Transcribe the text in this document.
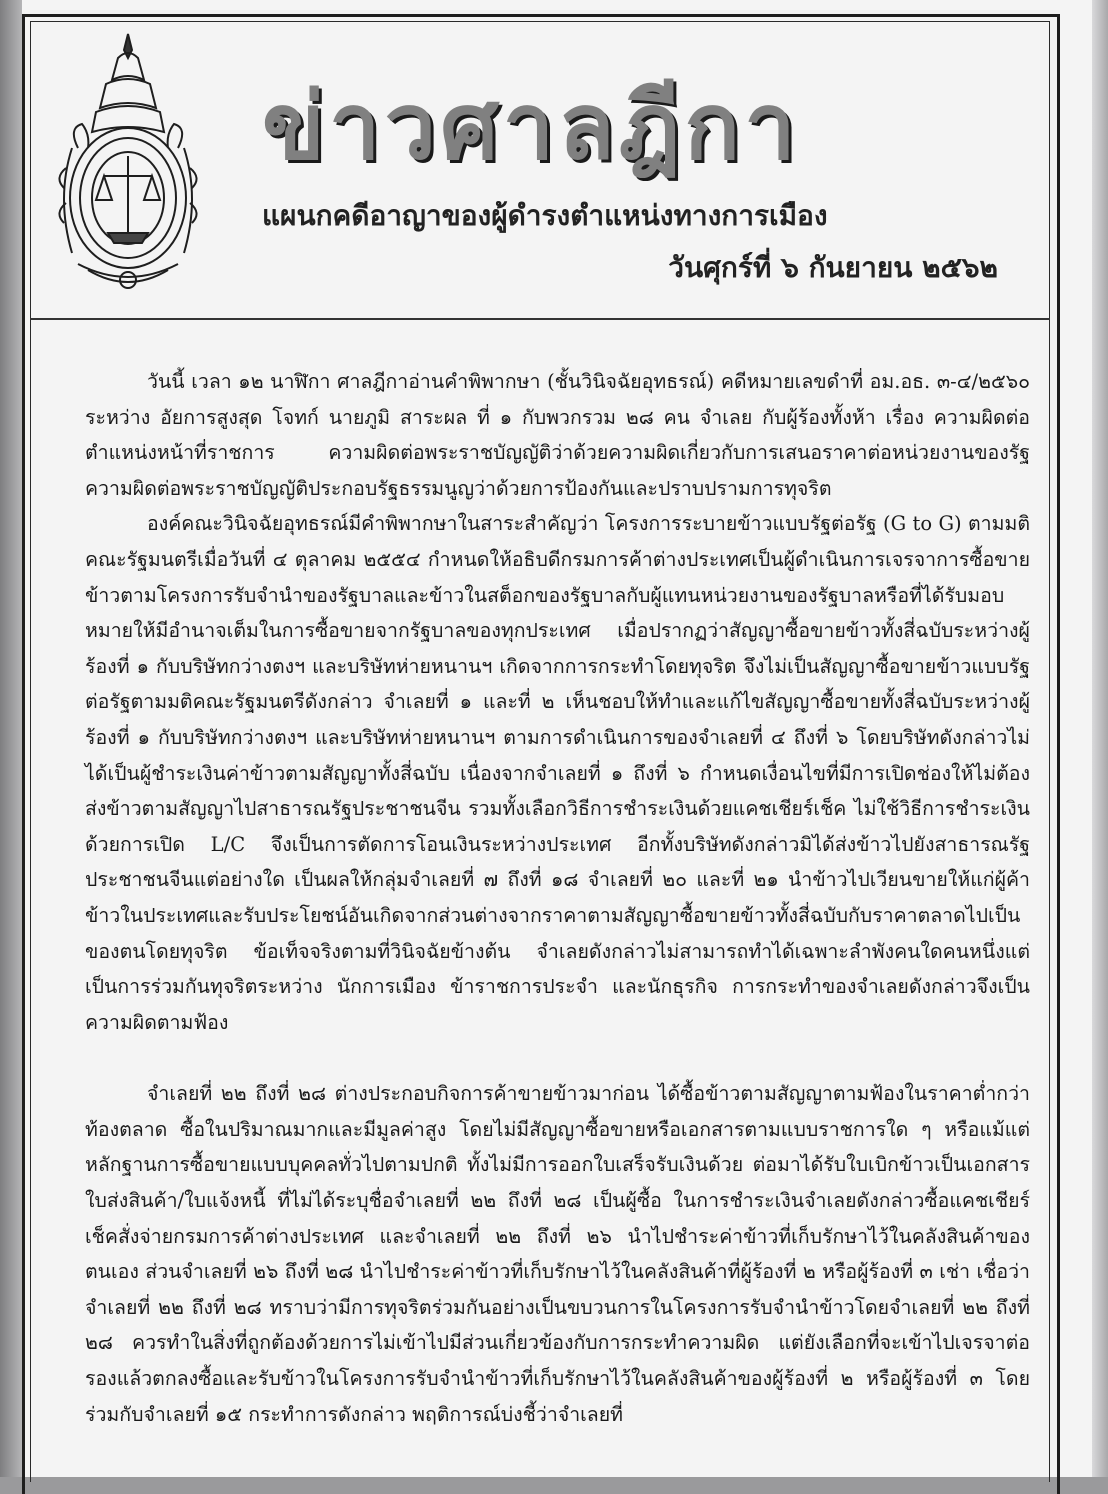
ข่าวศาลฎีกา
แผนกคดีอาญาของผู้ดำรงตำแหน่งทางการเมือง
วันศุกร์ที่ ๖ กันยายน ๒๕๖๒

วันนี้ เวลา ๑๒ นาฬิกา ศาลฎีกาอ่านคำพิพากษา (ชั้นวินิจฉัยอุทธรณ์) คดีหมายเลขดำที่ อม.อธ. ๓-๔/๒๕๖๐ ระหว่าง อัยการสูงสุด โจทก์ นายภูมิ สาระผล ที่ ๑ กับพวกรวม ๒๘ คน จำเลย กับผู้ร้องทั้งห้า เรื่อง ความผิดต่อตำแหน่งหน้าที่ราชการ ความผิดต่อพระราชบัญญัติว่าด้วยความผิดเกี่ยวกับการเสนอราคาต่อหน่วยงานของรัฐ ความผิดต่อพระราชบัญญัติประกอบรัฐธรรมนูญว่าด้วยการป้องกันและปราบปรามการทุจริต

องค์คณะวินิจฉัยอุทธรณ์มีคำพิพากษาในสาระสำคัญว่า โครงการระบายข้าวแบบรัฐต่อรัฐ (G to G) ตามมติคณะรัฐมนตรีเมื่อวันที่ ๔ ตุลาคม ๒๕๕๔ กำหนดให้อธิบดีกรมการค้าต่างประเทศเป็นผู้ดำเนินการเจรจาการซื้อขายข้าวตามโครงการรับจำนำของรัฐบาลและข้าวในสต็อกของรัฐบาลกับผู้แทนหน่วยงานของรัฐบาลหรือที่ได้รับมอบหมายให้มีอำนาจเต็มในการซื้อขายจากรัฐบาลของทุกประเทศ เมื่อปรากฏว่าสัญญาซื้อขายข้าวทั้งสี่ฉบับระหว่างผู้ร้องที่ ๑ กับบริษัทกว่างตงฯ และบริษัทห่ายหนานฯ เกิดจากการกระทำโดยทุจริต จึงไม่เป็นสัญญาซื้อขายข้าวแบบรัฐต่อรัฐตามมติคณะรัฐมนตรีดังกล่าว จำเลยที่ ๑ และที่ ๒ เห็นชอบให้ทำและแก้ไขสัญญาซื้อขายทั้งสี่ฉบับระหว่างผู้ร้องที่ ๑ กับบริษัทกว่างตงฯ และบริษัทห่ายหนานฯ ตามการดำเนินการของจำเลยที่ ๔ ถึงที่ ๖ โดยบริษัทดังกล่าวไม่ได้เป็นผู้ชำระเงินค่าข้าวตามสัญญาทั้งสี่ฉบับ เนื่องจากจำเลยที่ ๑ ถึงที่ ๖ กำหนดเงื่อนไขที่มีการเปิดช่องให้ไม่ต้องส่งข้าวตามสัญญาไปสาธารณรัฐประชาชนจีน รวมทั้งเลือกวิธีการชำระเงินด้วยแคชเชียร์เช็ค ไม่ใช้วิธีการชำระเงินด้วยการเปิด L/C จึงเป็นการตัดการโอนเงินระหว่างประเทศ อีกทั้งบริษัทดังกล่าวมิได้ส่งข้าวไปยังสาธารณรัฐประชาชนจีนแต่อย่างใด เป็นผลให้กลุ่มจำเลยที่ ๗ ถึงที่ ๑๘ จำเลยที่ ๒๐ และที่ ๒๑ นำข้าวไปเวียนขายให้แก่ผู้ค้าข้าวในประเทศและรับประโยชน์อันเกิดจากส่วนต่างจากราคาตามสัญญาซื้อขายข้าวทั้งสี่ฉบับกับราคาตลาดไปเป็นของตนโดยทุจริต ข้อเท็จจริงตามที่วินิจฉัยข้างต้น จำเลยดังกล่าวไม่สามารถทำได้เฉพาะลำพังคนใดคนหนึ่งแต่เป็นการร่วมกันทุจริตระหว่าง นักการเมือง ข้าราชการประจำ และนักธุรกิจ การกระทำของจำเลยดังกล่าวจึงเป็นความผิดตามฟ้อง

จำเลยที่ ๒๒ ถึงที่ ๒๘ ต่างประกอบกิจการค้าขายข้าวมาก่อน ได้ซื้อข้าวตามสัญญาตามฟ้องในราคาต่ำกว่าท้องตลาด ซื้อในปริมาณมากและมีมูลค่าสูง โดยไม่มีสัญญาซื้อขายหรือเอกสารตามแบบราชการใด ๆ หรือแม้แต่หลักฐานการซื้อขายแบบบุคคลทั่วไปตามปกติ ทั้งไม่มีการออกใบเสร็จรับเงินด้วย ต่อมาได้รับใบเบิกข้าวเป็นเอกสารใบส่งสินค้า/ใบแจ้งหนี้ ที่ไม่ได้ระบุชื่อจำเลยที่ ๒๒ ถึงที่ ๒๘ เป็นผู้ซื้อ ในการชำระเงินจำเลยดังกล่าวซื้อแคชเชียร์เช็คสั่งจ่ายกรมการค้าต่างประเทศ และจำเลยที่ ๒๒ ถึงที่ ๒๖ นำไปชำระค่าข้าวที่เก็บรักษาไว้ในคลังสินค้าของตนเอง ส่วนจำเลยที่ ๒๖ ถึงที่ ๒๘ นำไปชำระค่าข้าวที่เก็บรักษาไว้ในคลังสินค้าที่ผู้ร้องที่ ๒ หรือผู้ร้องที่ ๓ เช่า เชื่อว่า จำเลยที่ ๒๒ ถึงที่ ๒๘ ทราบว่ามีการทุจริตร่วมกันอย่างเป็นขบวนการในโครงการรับจำนำข้าวโดยจำเลยที่ ๒๒ ถึงที่ ๒๘ ควรทำในสิ่งที่ถูกต้องด้วยการไม่เข้าไปมีส่วนเกี่ยวข้องกับการกระทำความผิด แต่ยังเลือกที่จะเข้าไปเจรจาต่อรองแล้วตกลงซื้อและรับข้าวในโครงการรับจำนำข้าวที่เก็บรักษาไว้ในคลังสินค้าของผู้ร้องที่ ๒ หรือผู้ร้องที่ ๓ โดยร่วมกับจำเลยที่ ๑๕ กระทำการดังกล่าว พฤติการณ์บ่งชี้ว่าจำเลยที่
